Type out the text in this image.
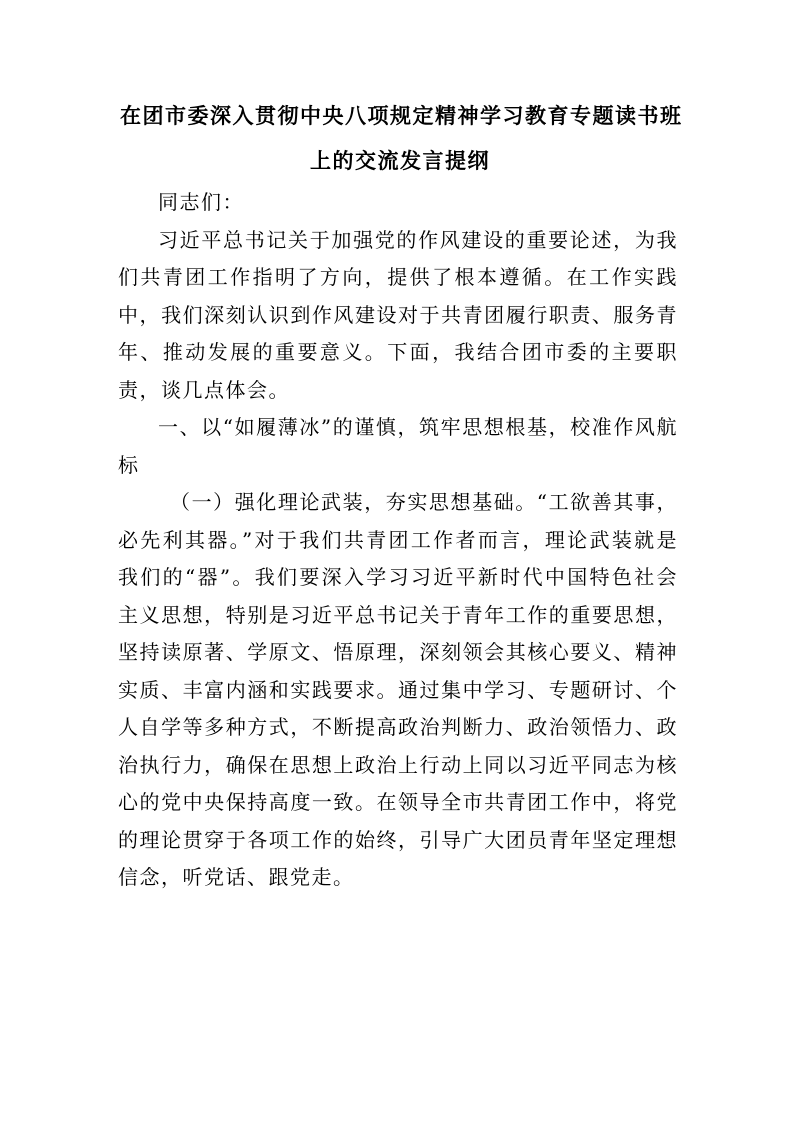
在团市委深入贯彻中央八项规定精神学习教育专题读书班
上的交流发言提纲

同志们：

习近平总书记关于加强党的作风建设的重要论述，为我们共青团工作指明了方向，提供了根本遵循。在工作实践中，我们深刻认识到作风建设对于共青团履行职责、服务青年、推动发展的重要意义。下面，我结合团市委的主要职责，谈几点体会。

一、以“如履薄冰”的谨慎，筑牢思想根基，校准作风航标

（一）强化理论武装，夯实思想基础。“工欲善其事，必先利其器。”对于我们共青团工作者而言，理论武装就是我们的“器”。我们要深入学习习近平新时代中国特色社会主义思想，特别是习近平总书记关于青年工作的重要思想，坚持读原著、学原文、悟原理，深刻领会其核心要义、精神实质、丰富内涵和实践要求。通过集中学习、专题研讨、个人自学等多种方式，不断提高政治判断力、政治领悟力、政治执行力，确保在思想上政治上行动上同以习近平同志为核心的党中央保持高度一致。在领导全市共青团工作中，将党的理论贯穿于各项工作的始终，引导广大团员青年坚定理想信念，听党话、跟党走。
